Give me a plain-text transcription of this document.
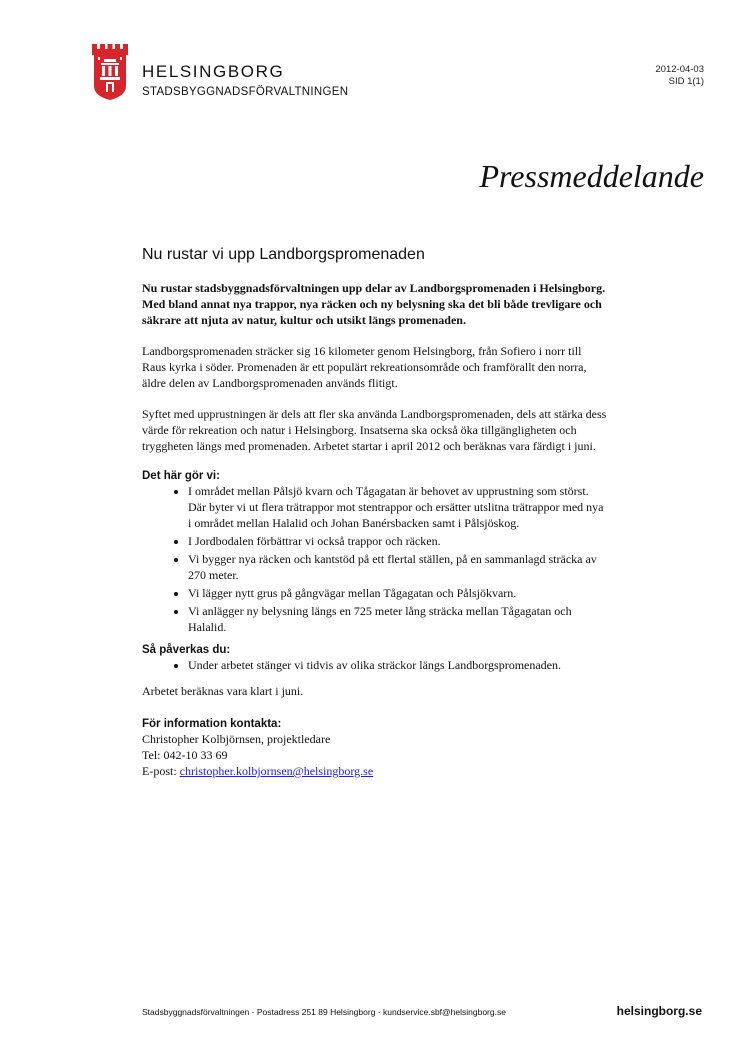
HELSINGBORG
STADSBYGGNADSFÖRVALTNINGEN
2012-04-03
SID 1(1)
Pressmeddelande
Nu rustar vi upp Landborgspromenaden

Nu rustar stadsbyggnadsförvaltningen upp delar av Landborgspromenaden i Helsingborg. Med bland annat nya trappor, nya räcken och ny belysning ska det bli både trevligare och säkrare att njuta av natur, kultur och utsikt längs promenaden.

Landborgspromenaden sträcker sig 16 kilometer genom Helsingborg, från Sofiero i norr till Raus kyrka i söder. Promenaden är ett populärt rekreationsområde och framförallt den norra, äldre delen av Landborgspromenaden används flitigt.

Syftet med upprustningen är dels att fler ska använda Landborgspromenaden, dels att stärka dess värde för rekreation och natur i Helsingborg. Insatserna ska också öka tillgängligheten och tryggheten längs med promenaden. Arbetet startar i april 2012 och beräknas vara färdigt i juni.

Det här gör vi:
• I området mellan Pålsjö kvarn och Tågagatan är behovet av upprustning som störst. Där byter vi ut flera trätrappor mot stentrappor och ersätter utslitna trätrappor med nya i området mellan Halalid och Johan Banérsbacken samt i Pålsjöskog.
• I Jordbodalen förbättrar vi också trappor och räcken.
• Vi bygger nya räcken och kantstöd på ett flertal ställen, på en sammanlagd sträcka av 270 meter.
• Vi lägger nytt grus på gångvägar mellan Tågagatan och Pålsjökvarn.
• Vi anlägger ny belysning längs en 725 meter lång sträcka mellan Tågagatan och Halalid.
Så påverkas du:
• Under arbetet stänger vi tidvis av olika sträckor längs Landborgspromenaden.

Arbetet beräknas vara klart i juni.

För information kontakta:
Christopher Kolbjörnsen, projektledare
Tel: 042-10 33 69
E-post: christopher.kolbjornsen@helsingborg.se
Stadsbyggnadsförvaltningen · Postadress 251 89 Helsingborg · kundservice.sbf@helsingborg.se	helsingborg.se
